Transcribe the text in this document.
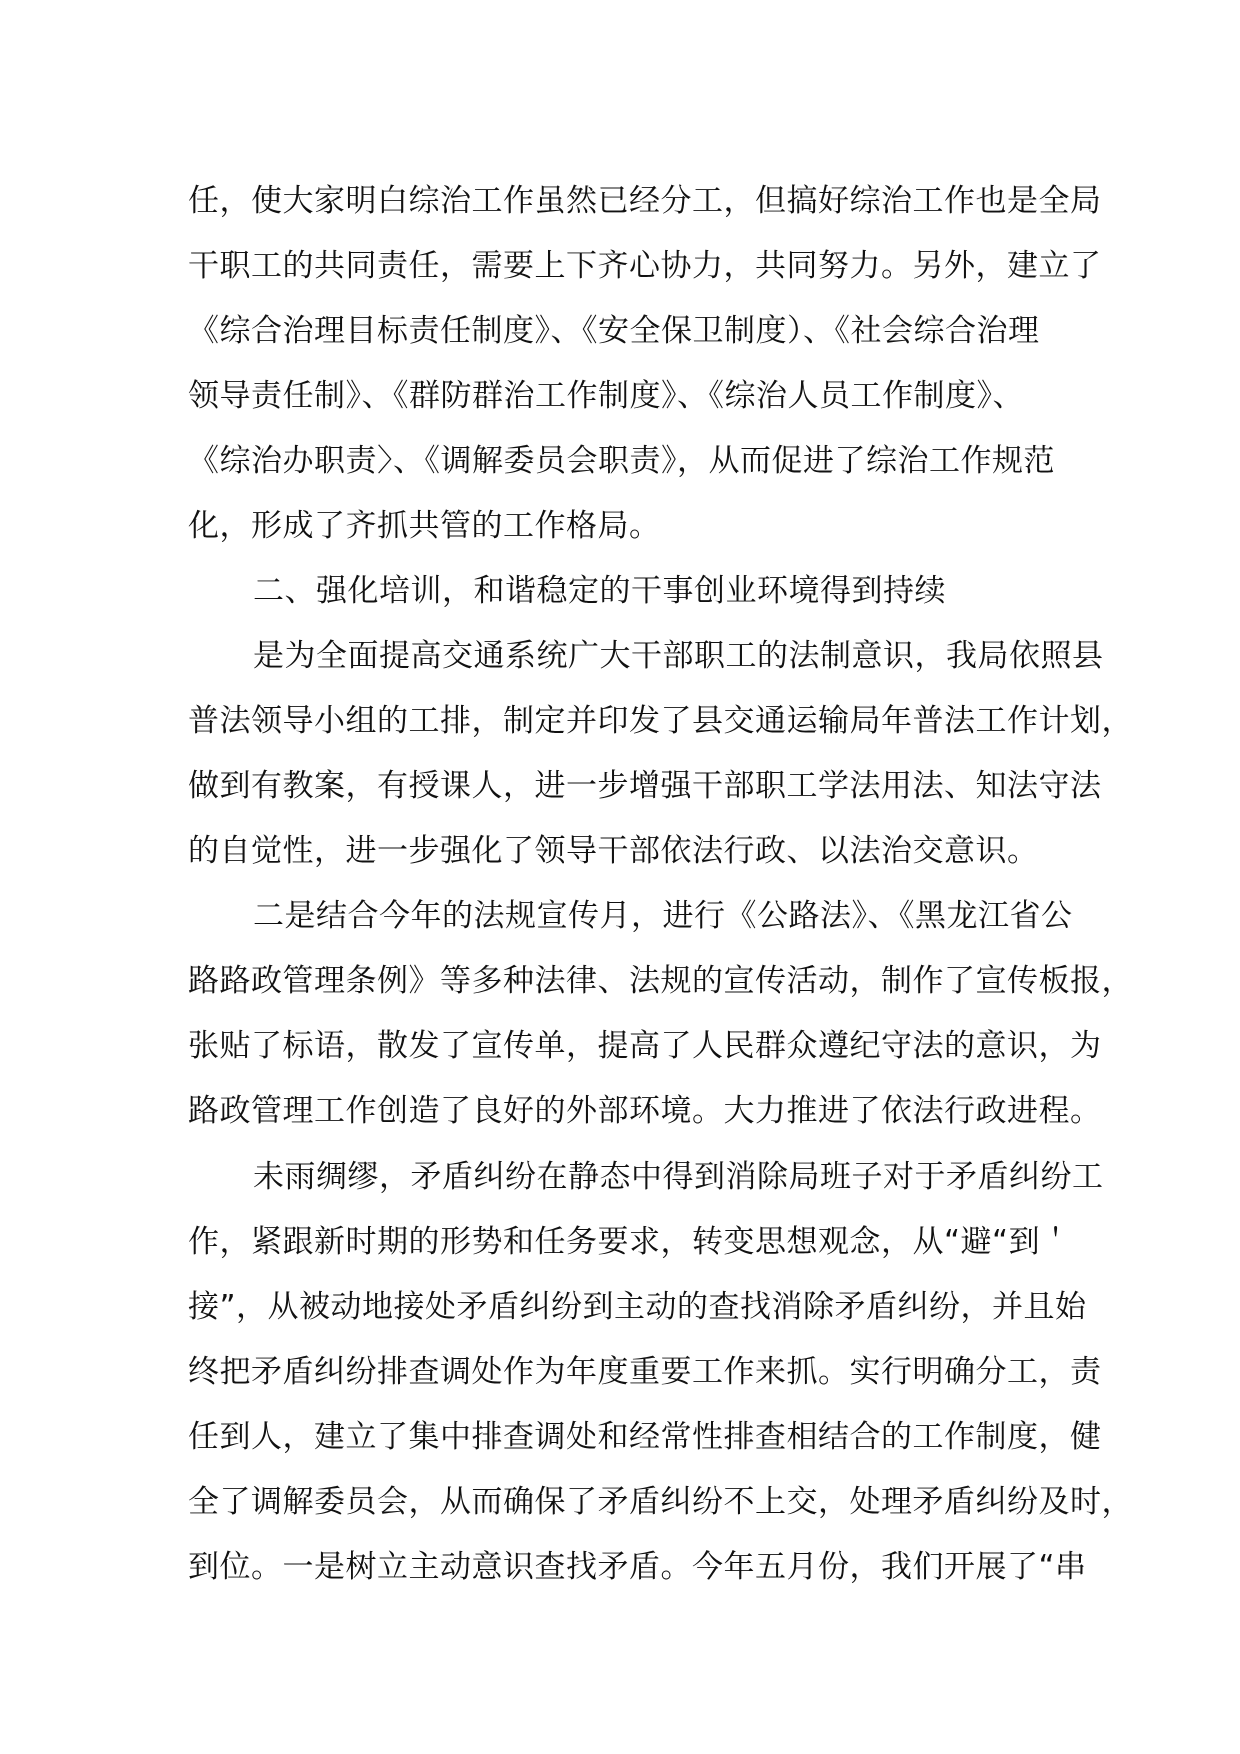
任，使大家明白综治工作虽然已经分工，但搞好综治工作也是全局
干职工的共同责任，需要上下齐心协力，共同努力。另外，建立了
《综合治理目标责任制度》、《安全保卫制度）、《社会综合治理
领导责任制》、《群防群治工作制度》、《综治人员工作制度》、
《综治办职责〉、《调解委员会职责》，从而促进了综治工作规范
化，形成了齐抓共管的工作格局。
二、强化培训，和谐稳定的干事创业环境得到持续
是为全面提高交通系统广大干部职工的法制意识，我局依照县
普法领导小组的工排，制定并印发了县交通运输局年普法工作计划，
做到有教案，有授课人，进一步增强干部职工学法用法、知法守法
的自觉性，进一步强化了领导干部依法行政、以法治交意识。
二是结合今年的法规宣传月，进行《公路法》、《黑龙江省公
路路政管理条例》等多种法律、法规的宣传活动，制作了宣传板报，
张贴了标语，散发了宣传单，提高了人民群众遵纪守法的意识，为
路政管理工作创造了良好的外部环境。大力推进了依法行政进程。
未雨绸缪，矛盾纠纷在静态中得到消除局班子对于矛盾纠纷工
作，紧跟新时期的形势和任务要求，转变思想观念，从“避“到＇
接”，从被动地接处矛盾纠纷到主动的查找消除矛盾纠纷，并且始
终把矛盾纠纷排查调处作为年度重要工作来抓。实行明确分工，责
任到人，建立了集中排查调处和经常性排查相结合的工作制度，健
全了调解委员会，从而确保了矛盾纠纷不上交，处理矛盾纠纷及时，
到位。一是树立主动意识查找矛盾。今年五月份，我们开展了“串
